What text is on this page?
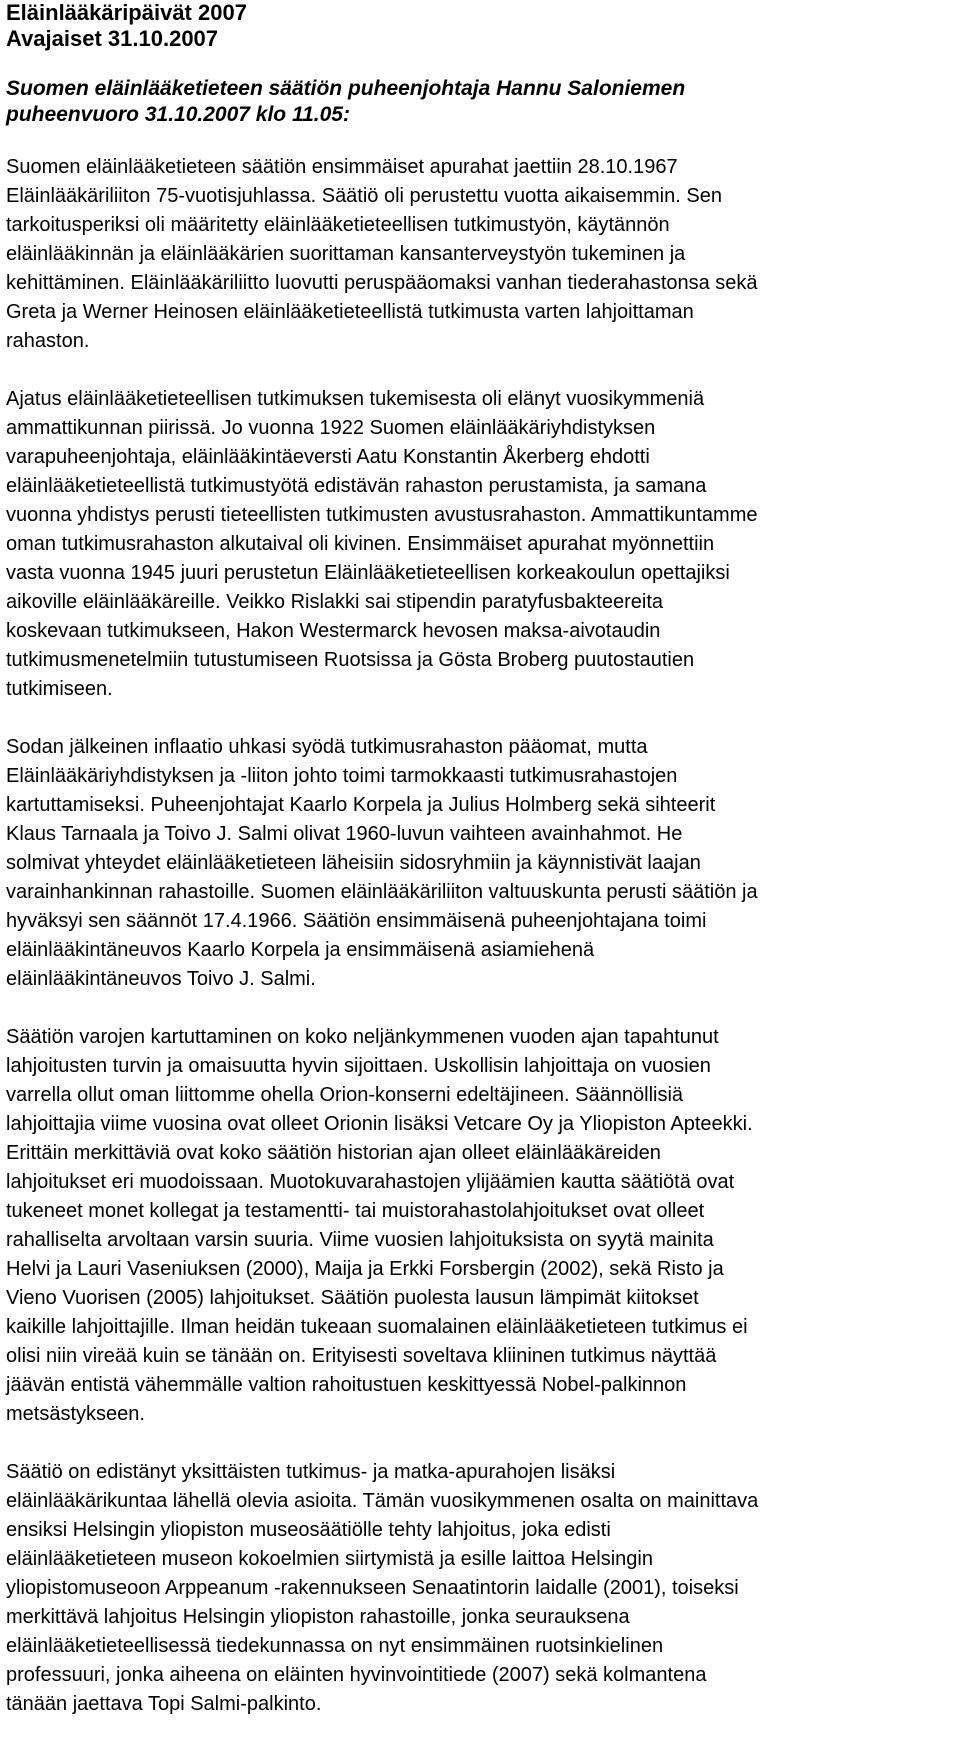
Eläinlääkäripäivät 2007
Avajaiset 31.10.2007
Suomen eläinlääketieteen säätiön puheenjohtaja Hannu Saloniemen
puheenvuoro 31.10.2007 klo 11.05:
Suomen eläinlääketieteen säätiön ensimmäiset apurahat jaettiin 28.10.1967
Eläinlääkäriliiton 75-vuotisjuhlassa. Säätiö oli perustettu vuotta aikaisemmin. Sen
tarkoitusperiksi oli määritetty eläinlääketieteellisen tutkimustyön, käytännön
eläinlääkinnän ja eläinlääkärien suorittaman kansanterveystyön tukeminen ja
kehittäminen. Eläinlääkäriliitto luovutti peruspääomaksi vanhan tiederahastonsa sekä
Greta ja Werner Heinosen eläinlääketieteellistä tutkimusta varten lahjoittaman
rahaston.
Ajatus eläinlääketieteellisen tutkimuksen tukemisesta oli elänyt vuosikymmeniä
ammattikunnan piirissä. Jo vuonna 1922 Suomen eläinlääkäriyhdistyksen
varapuheenjohtaja, eläinlääkintäeversti Aatu Konstantin Åkerberg ehdotti
eläinlääketieteellistä tutkimustyötä edistävän rahaston perustamista, ja samana
vuonna yhdistys perusti tieteellisten tutkimusten avustusrahaston. Ammattikuntamme
oman tutkimusrahaston alkutaival oli kivinen. Ensimmäiset apurahat myönnettiin
vasta vuonna 1945 juuri perustetun Eläinlääketieteellisen korkeakoulun opettajiksi
aikoville eläinlääkäreille. Veikko Rislakki sai stipendin paratyfusbakteereita
koskevaan tutkimukseen, Hakon Westermarck hevosen maksa-aivotaudin
tutkimusmenetelmiin tutustumiseen Ruotsissa ja Gösta Broberg puutostautien
tutkimiseen.
Sodan jälkeinen inflaatio uhkasi syödä tutkimusrahaston pääomat, mutta
Eläinlääkäriyhdistyksen ja -liiton johto toimi tarmokkaasti tutkimusrahastojen
kartuttamiseksi. Puheenjohtajat Kaarlo Korpela ja Julius Holmberg sekä sihteerit
Klaus Tarnaala ja Toivo J. Salmi olivat 1960-luvun vaihteen avainhahmot. He
solmivat yhteydet eläinlääketieteen läheisiin sidosryhmiin ja käynnistivät laajan
varainhankinnan rahastoille. Suomen eläinlääkäriliiton valtuuskunta perusti säätiön ja
hyväksyi sen säännöt 17.4.1966. Säätiön ensimmäisenä puheenjohtajana toimi
eläinlääkintäneuvos Kaarlo Korpela ja ensimmäisenä asiamiehenä
eläinlääkintäneuvos Toivo J. Salmi.
Säätiön varojen kartuttaminen on koko neljänkymmenen vuoden ajan tapahtunut
lahjoitusten turvin ja omaisuutta hyvin sijoittaen. Uskollisin lahjoittaja on vuosien
varrella ollut oman liittomme ohella Orion-konserni edeltäjineen. Säännöllisiä
lahjoittajia viime vuosina ovat olleet Orionin lisäksi Vetcare Oy ja Yliopiston Apteekki.
Erittäin merkittäviä ovat koko säätiön historian ajan olleet eläinlääkäreiden
lahjoitukset eri muodoissaan. Muotokuvarahastojen ylijäämien kautta säätiötä ovat
tukeneet monet kollegat ja testamentti- tai muistorahastolahjoitukset ovat olleet
rahalliselta arvoltaan varsin suuria. Viime vuosien lahjoituksista on syytä mainita
Helvi ja Lauri Vaseniuksen (2000), Maija ja Erkki Forsbergin (2002), sekä Risto ja
Vieno Vuorisen (2005) lahjoitukset. Säätiön puolesta lausun lämpimät kiitokset
kaikille lahjoittajille. Ilman heidän tukeaan suomalainen eläinlääketieteen tutkimus ei
olisi niin vireää kuin se tänään on. Erityisesti soveltava kliininen tutkimus näyttää
jäävän entistä vähemmälle valtion rahoitustuen keskittyessä Nobel-palkinnon
metsästykseen.
Säätiö on edistänyt yksittäisten tutkimus- ja matka-apurahojen lisäksi
eläinlääkärikuntaa lähellä olevia asioita. Tämän vuosikymmenen osalta on mainittava
ensiksi Helsingin yliopiston museosäätiölle tehty lahjoitus, joka edisti
eläinlääketieteen museon kokoelmien siirtymistä ja esille laittoa Helsingin
yliopistomuseoon Arppeanum -rakennukseen Senaatintorin laidalle (2001), toiseksi
merkittävä lahjoitus Helsingin yliopiston rahastoille, jonka seurauksena
eläinlääketieteellisessä tiedekunnassa on nyt ensimmäinen ruotsinkielinen
professuuri, jonka aiheena on eläinten hyvinvointitiede (2007) sekä kolmantena
tänään jaettava Topi Salmi-palkinto.
